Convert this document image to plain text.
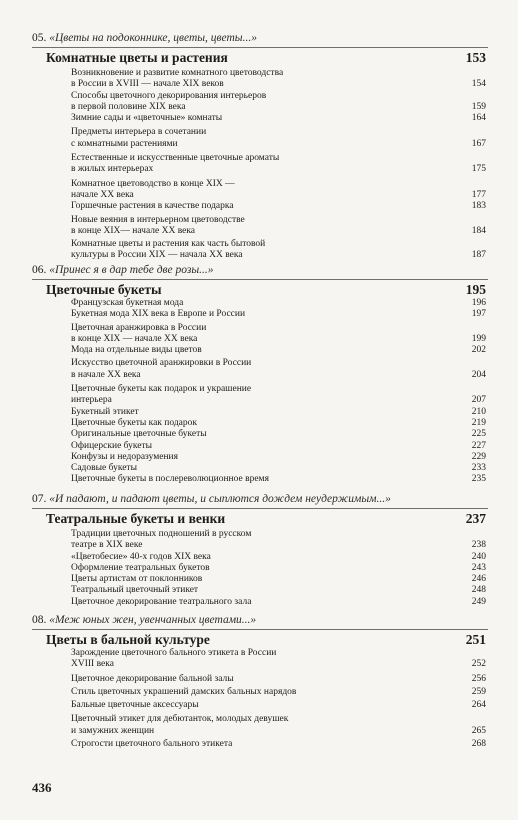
05. «Цветы на подоконнике, цветы, цветы...»
Комнатные цветы и растения	153
Возникновение и развитие комнатного цветоводства
в России в XVIII — начале XIX веков	154
Способы цветочного декорирования интерьеров
в первой половине XIX века	159
Зимние сады и «цветочные» комнаты	164
Предметы интерьера в сочетании
с комнатными растениями	167
Естественные и искусственные цветочные ароматы
в жилых интерьерах	175
Комнатное цветоводство в конце XIX —
начале XX века	177
Горшечные растения в качестве подарка	183
Новые веяния в интерьерном цветоводстве
в конце XIX— начале XX века	184
Комнатные цветы и растения как часть бытовой
культуры в России XIX — начала XX века	187
06. «Принес я в дар тебе две розы...»
Цветочные букеты	195
Французская букетная мода	196
Букетная мода XIX века в Европе и России	197
Цветочная аранжировка в России
в конце XIX — начале XX века	199
Мода на отдельные виды цветов	202
Искусство цветочной аранжировки в России
в начале XX века	204
Цветочные букеты как подарок и украшение
интерьера	207
Букетный этикет	210
Цветочные букеты как подарок	219
Оригинальные цветочные букеты	225
Офицерские букеты	227
Конфузы и недоразумения	229
Садовые букеты	233
Цветочные букеты в послереволюционное время	235
07. «И падают, и падают цветы, и сыплются дождем неудержимым...»
Театральные букеты и венки	237
Традиции цветочных подношений в русском
театре в XIX веке	238
«Цветобесие» 40-х годов XIX века	240
Оформление театральных букетов	243
Цветы артистам от поклонников	246
Театральный цветочный этикет	248
Цветочное декорирование театрального зала	249
08. «Меж юных жен, увенчанных цветами...»
Цветы в бальной культуре	251
Зарождение цветочного бального этикета в России
XVIII века	252
Цветочное декорирование бальной залы	256
Стиль цветочных украшений дамских бальных нарядов	259
Бальные цветочные аксессуары	264
Цветочный этикет для дебютанток, молодых девушек
и замужних женщин	265
Строгости цветочного бального этикета	268
436
